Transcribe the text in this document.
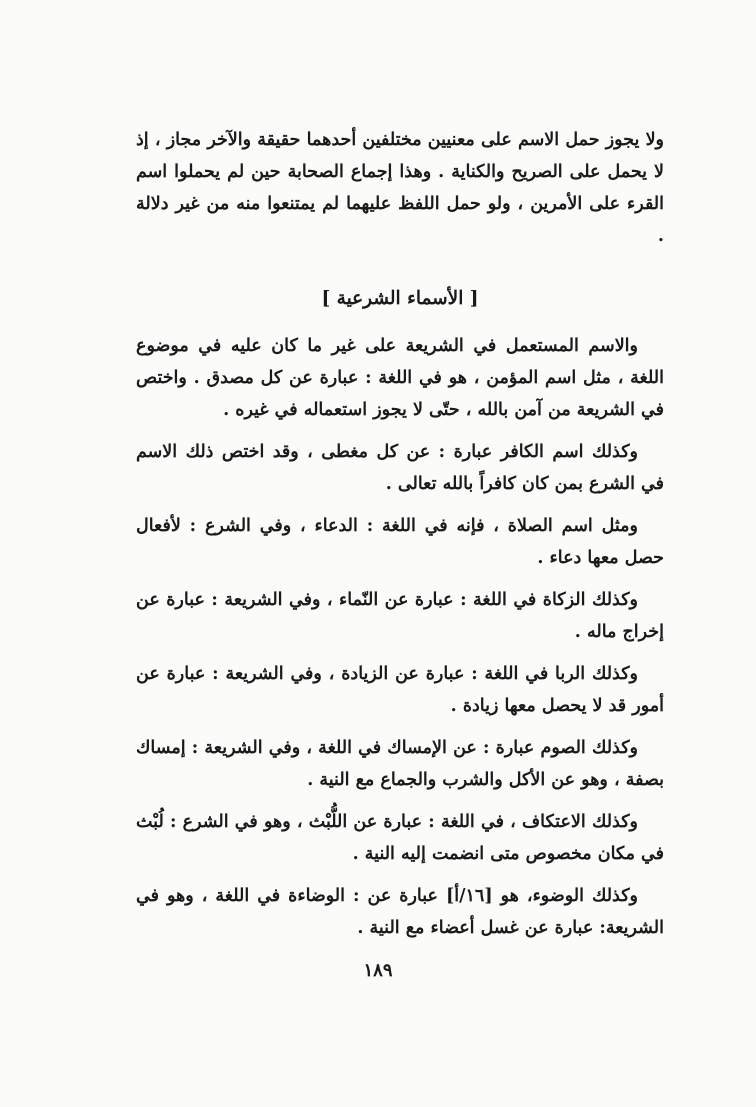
ولا يجوز حمل الاسم على معنيين مختلفين أحدهما حقيقة والآخر مجاز ، إذ لا يحمل على الصريح والكناية . وهذا إجماع الصحابة حين لم يحملوا اسم القرء على الأمرين ، ولو حمل اللفظ عليهما لم يمتنعوا منه من غير دلالة .

[ الأسماء الشرعية ]

والاسم المستعمل في الشريعة على غير ما كان عليه في موضوع اللغة ، مثل اسم المؤمن ، هو في اللغة : عبارة عن كل مصدق . واختص في الشريعة من آمن بالله ، حتّى لا يجوز استعماله في غيره .

وكذلك اسم الكافر عبارة : عن كل مغطى ، وقد اختص ذلك الاسم في الشرع بمن كان كافراً بالله تعالى .

ومثل اسم الصلاة ، فإنه في اللغة : الدعاء ، وفي الشرع : لأفعال حصل معها دعاء .

وكذلك الزكاة في اللغة : عبارة عن النّماء ، وفي الشريعة : عبارة عن إخراج ماله .

وكذلك الربا في اللغة : عبارة عن الزيادة ، وفي الشريعة : عبارة عن أمور قد لا يحصل معها زيادة .

وكذلك الصوم عبارة : عن الإمساك في اللغة ، وفي الشريعة : إمساك بصفة ، وهو عن الأكل والشرب والجماع مع النية .

وكذلك الاعتكاف ، في اللغة : عبارة عن اللُّبْث ، وهو في الشرع : لُبْث في مكان مخصوص متى انضمت إليه النية .

وكذلك الوضوء، هو [١٦/أ] عبارة عن : الوضاءة في اللغة ، وهو في الشريعة: عبارة عن غسل أعضاء مع النية .

١٨٩
